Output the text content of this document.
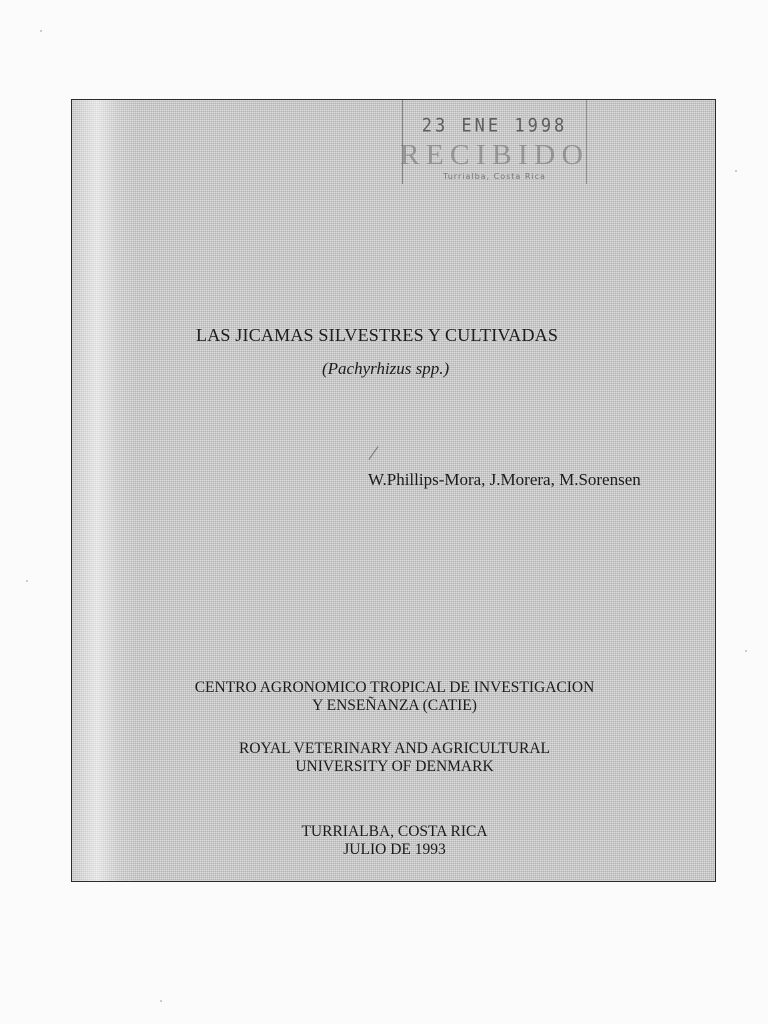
23 ENE 1998
RECIBIDO
Turrialba, Costa Rica
LAS JICAMAS SILVESTRES Y CULTIVADAS
(Pachyrhizus spp.)
W.Phillips-Mora, J.Morera, M.Sorensen
CENTRO AGRONOMICO TROPICAL DE INVESTIGACION
Y ENSEÑANZA (CATIE)
ROYAL VETERINARY AND AGRICULTURAL
UNIVERSITY OF DENMARK
TURRIALBA, COSTA RICA
JULIO DE 1993
